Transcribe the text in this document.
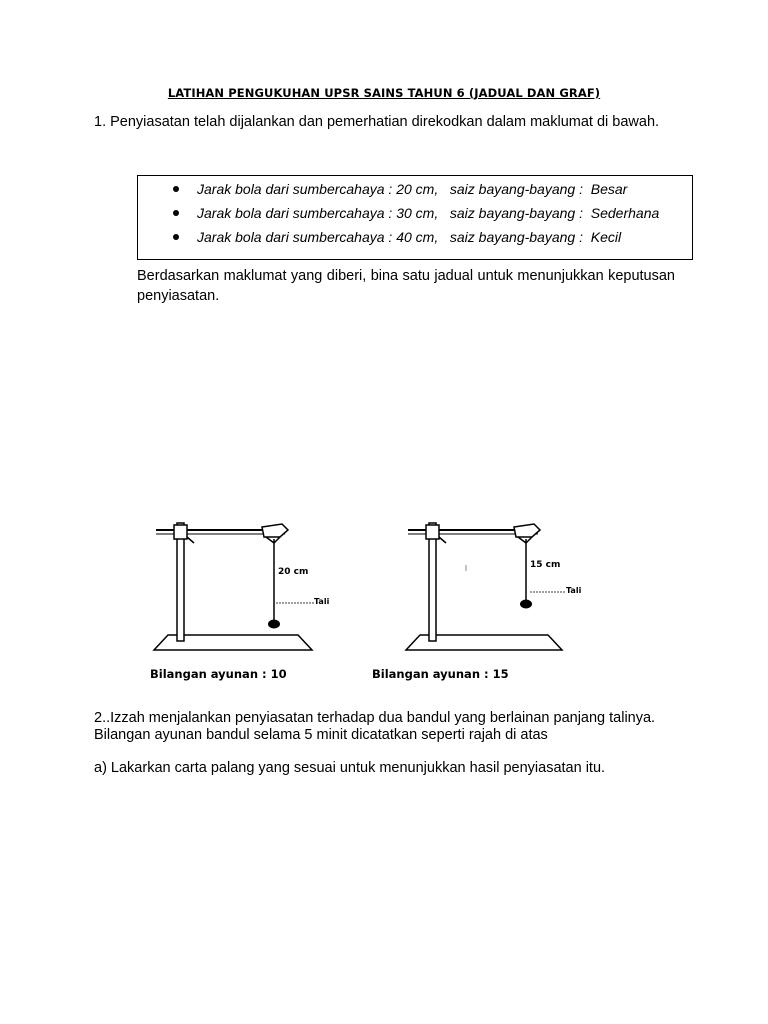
LATIHAN PENGUKUHAN UPSR SAINS TAHUN 6 (JADUAL DAN GRAF)
1. Penyiasatan telah dijalankan dan pemerhatian direkodkan dalam maklumat di bawah.

Jarak bola dari sumbercahaya : 20 cm,   saiz bayang-bayang :  Besar

Jarak bola dari sumbercahaya : 30 cm,   saiz bayang-bayang :  Sederhana

Jarak bola dari sumbercahaya : 40 cm,   saiz bayang-bayang :  Kecil

Berdasarkan maklumat yang diberi, bina satu jadual untuk menunjukkan keputusan penyiasatan.
20 cm
Tali
Bilangan ayunan : 10
15 cm
Tali
Bilangan ayunan : 15
2..Izzah menjalankan penyiasatan terhadap dua bandul yang berlainan panjang talinya.
Bilangan ayunan bandul selama 5 minit dicatatkan seperti rajah di atas
a) Lakarkan carta palang yang sesuai untuk menunjukkan hasil penyiasatan itu.
